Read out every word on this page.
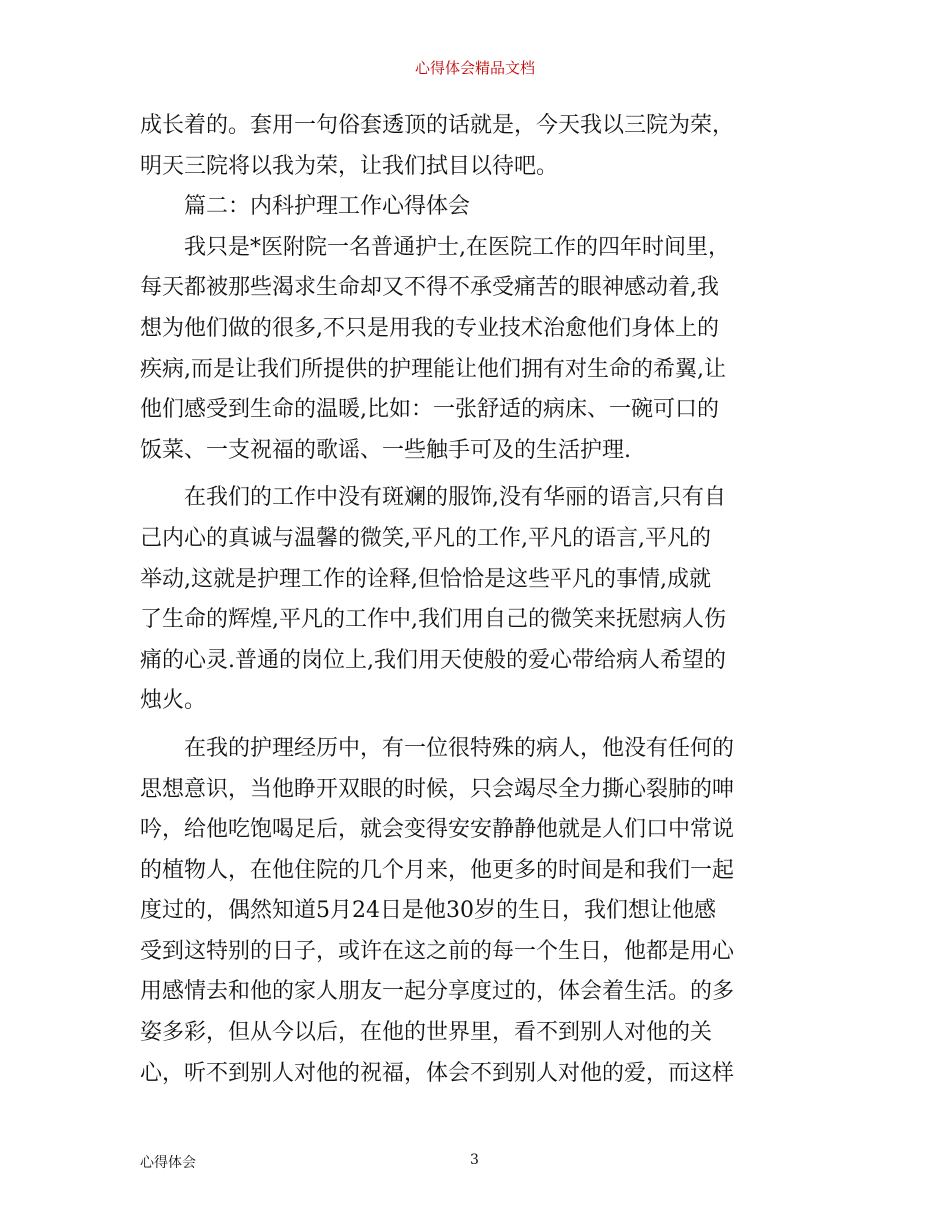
心得体会精品文档
成长着的。套用一句俗套透顶的话就是，今天我以三院为荣，
明天三院将以我为荣，让我们拭目以待吧。
　　篇二：内科护理工作心得体会
　　我只是*医附院一名普通护士,在医院工作的四年时间里，
每天都被那些渴求生命却又不得不承受痛苦的眼神感动着,我
想为他们做的很多,不只是用我的专业技术治愈他们身体上的
疾病,而是让我们所提供的护理能让他们拥有对生命的希翼,让
他们感受到生命的温暖,比如：一张舒适的病床、一碗可口的
饭菜、一支祝福的歌谣、一些触手可及的生活护理.
　　在我们的工作中没有斑斓的服饰,没有华丽的语言,只有自
己内心的真诚与温馨的微笑,平凡的工作,平凡的语言,平凡的
举动,这就是护理工作的诠释,但恰恰是这些平凡的事情,成就
了生命的辉煌,平凡的工作中,我们用自己的微笑来抚慰病人伤
痛的心灵.普通的岗位上,我们用天使般的爱心带给病人希望的
烛火。
　　在我的护理经历中，有一位很特殊的病人，他没有任何的
思想意识，当他睁开双眼的时候，只会竭尽全力撕心裂肺的呻
吟，给他吃饱喝足后，就会变得安安静静他就是人们口中常说
的植物人，在他住院的几个月来，他更多的时间是和我们一起
度过的，偶然知道5月24日是他30岁的生日，我们想让他感
受到这特别的日子，或许在这之前的每一个生日，他都是用心
用感情去和他的家人朋友一起分享度过的，体会着生活。的多
姿多彩，但从今以后，在他的世界里，看不到别人对他的关
心，听不到别人对他的祝福，体会不到别人对他的爱，而这样
心得体会	3
